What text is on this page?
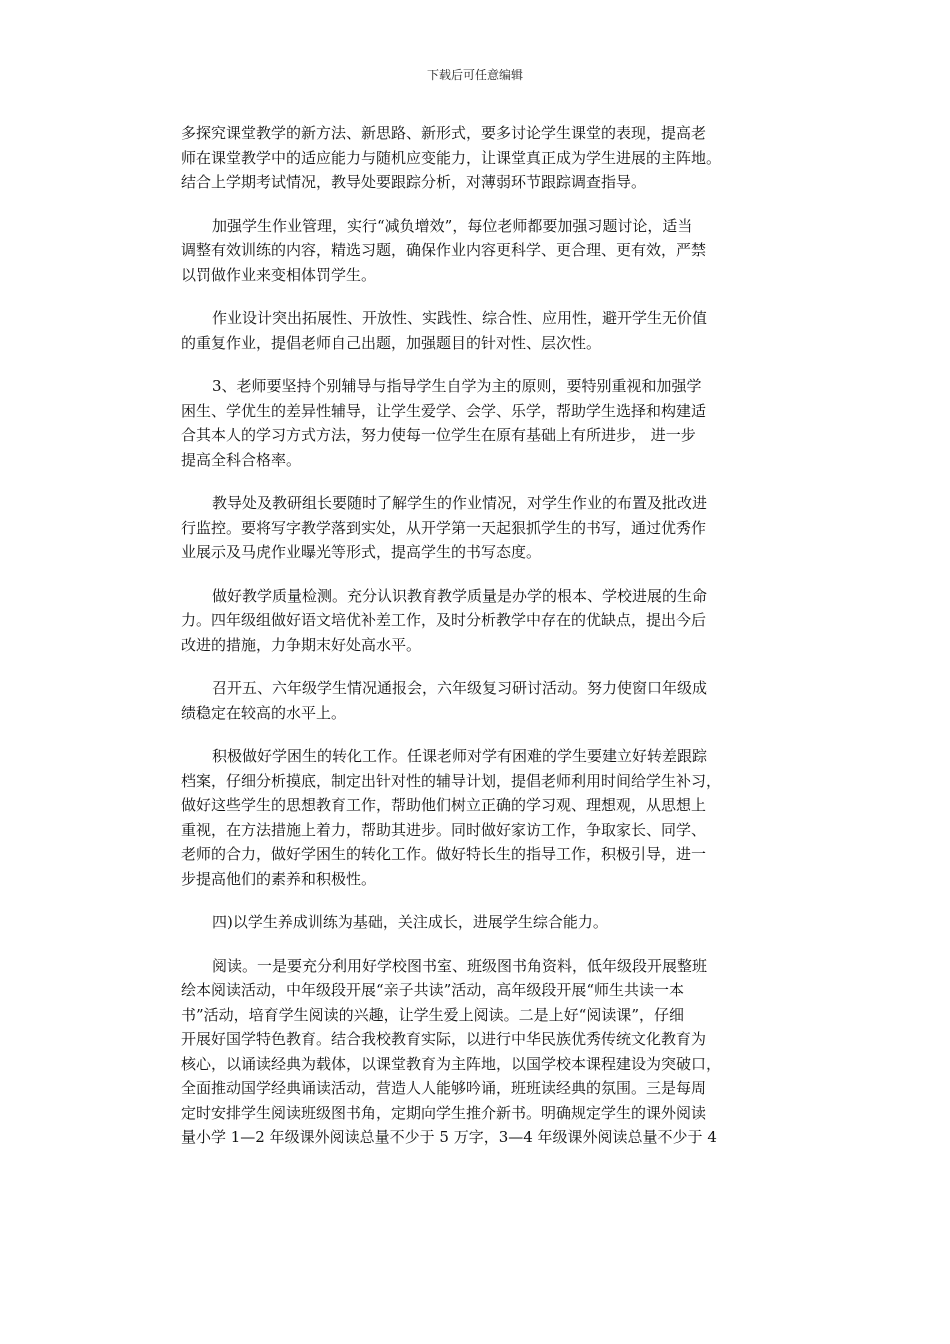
下载后可任意编辑
多探究课堂教学的新方法、新思路、新形式，要多讨论学生课堂的表现，提高老
师在课堂教学中的适应能力与随机应变能力，让课堂真正成为学生进展的主阵地。
结合上学期考试情况，教导处要跟踪分析，对薄弱环节跟踪调查指导。
加强学生作业管理，实行“减负增效”，每位老师都要加强习题讨论，适当
调整有效训练的内容，精选习题，确保作业内容更科学、更合理、更有效，严禁
以罚做作业来变相体罚学生。
作业设计突出拓展性、开放性、实践性、综合性、应用性，避开学生无价值
的重复作业，提倡老师自己出题，加强题目的针对性、层次性。
3、老师要坚持个别辅导与指导学生自学为主的原则，要特别重视和加强学
困生、学优生的差异性辅导，让学生爱学、会学、乐学，帮助学生选择和构建适
合其本人的学习方式方法，努力使每一位学生在原有基础上有所进步， 进一步
提高全科合格率。
教导处及教研组长要随时了解学生的作业情况，对学生作业的布置及批改进
行监控。要将写字教学落到实处，从开学第一天起狠抓学生的书写，通过优秀作
业展示及马虎作业曝光等形式，提高学生的书写态度。
做好教学质量检测。充分认识教育教学质量是办学的根本、学校进展的生命
力。四年级组做好语文培优补差工作，及时分析教学中存在的优缺点，提出今后
改进的措施，力争期末好处高水平。
召开五、六年级学生情况通报会，六年级复习研讨活动。努力使窗口年级成
绩稳定在较高的水平上。
积极做好学困生的转化工作。任课老师对学有困难的学生要建立好转差跟踪
档案，仔细分析摸底，制定出针对性的辅导计划，提倡老师利用时间给学生补习，
做好这些学生的思想教育工作，帮助他们树立正确的学习观、理想观，从思想上
重视，在方法措施上着力，帮助其进步。同时做好家访工作，争取家长、同学、
老师的合力，做好学困生的转化工作。做好特长生的指导工作，积极引导，进一
步提高他们的素养和积极性。
四)以学生养成训练为基础，关注成长，进展学生综合能力。
阅读。一是要充分利用好学校图书室、班级图书角资料，低年级段开展整班
绘本阅读活动，中年级段开展“亲子共读”活动，高年级段开展“师生共读一本
书”活动，培育学生阅读的兴趣，让学生爱上阅读。二是上好“阅读课”，仔细
开展好国学特色教育。结合我校教育实际，以进行中华民族优秀传统文化教育为
核心，以诵读经典为载体，以课堂教育为主阵地，以国学校本课程建设为突破口，
全面推动国学经典诵读活动，营造人人能够吟诵，班班读经典的氛围。三是每周
定时安排学生阅读班级图书角，定期向学生推介新书。明确规定学生的课外阅读
量小学 1—2 年级课外阅读总量不少于 5 万字，3—4 年级课外阅读总量不少于 4
